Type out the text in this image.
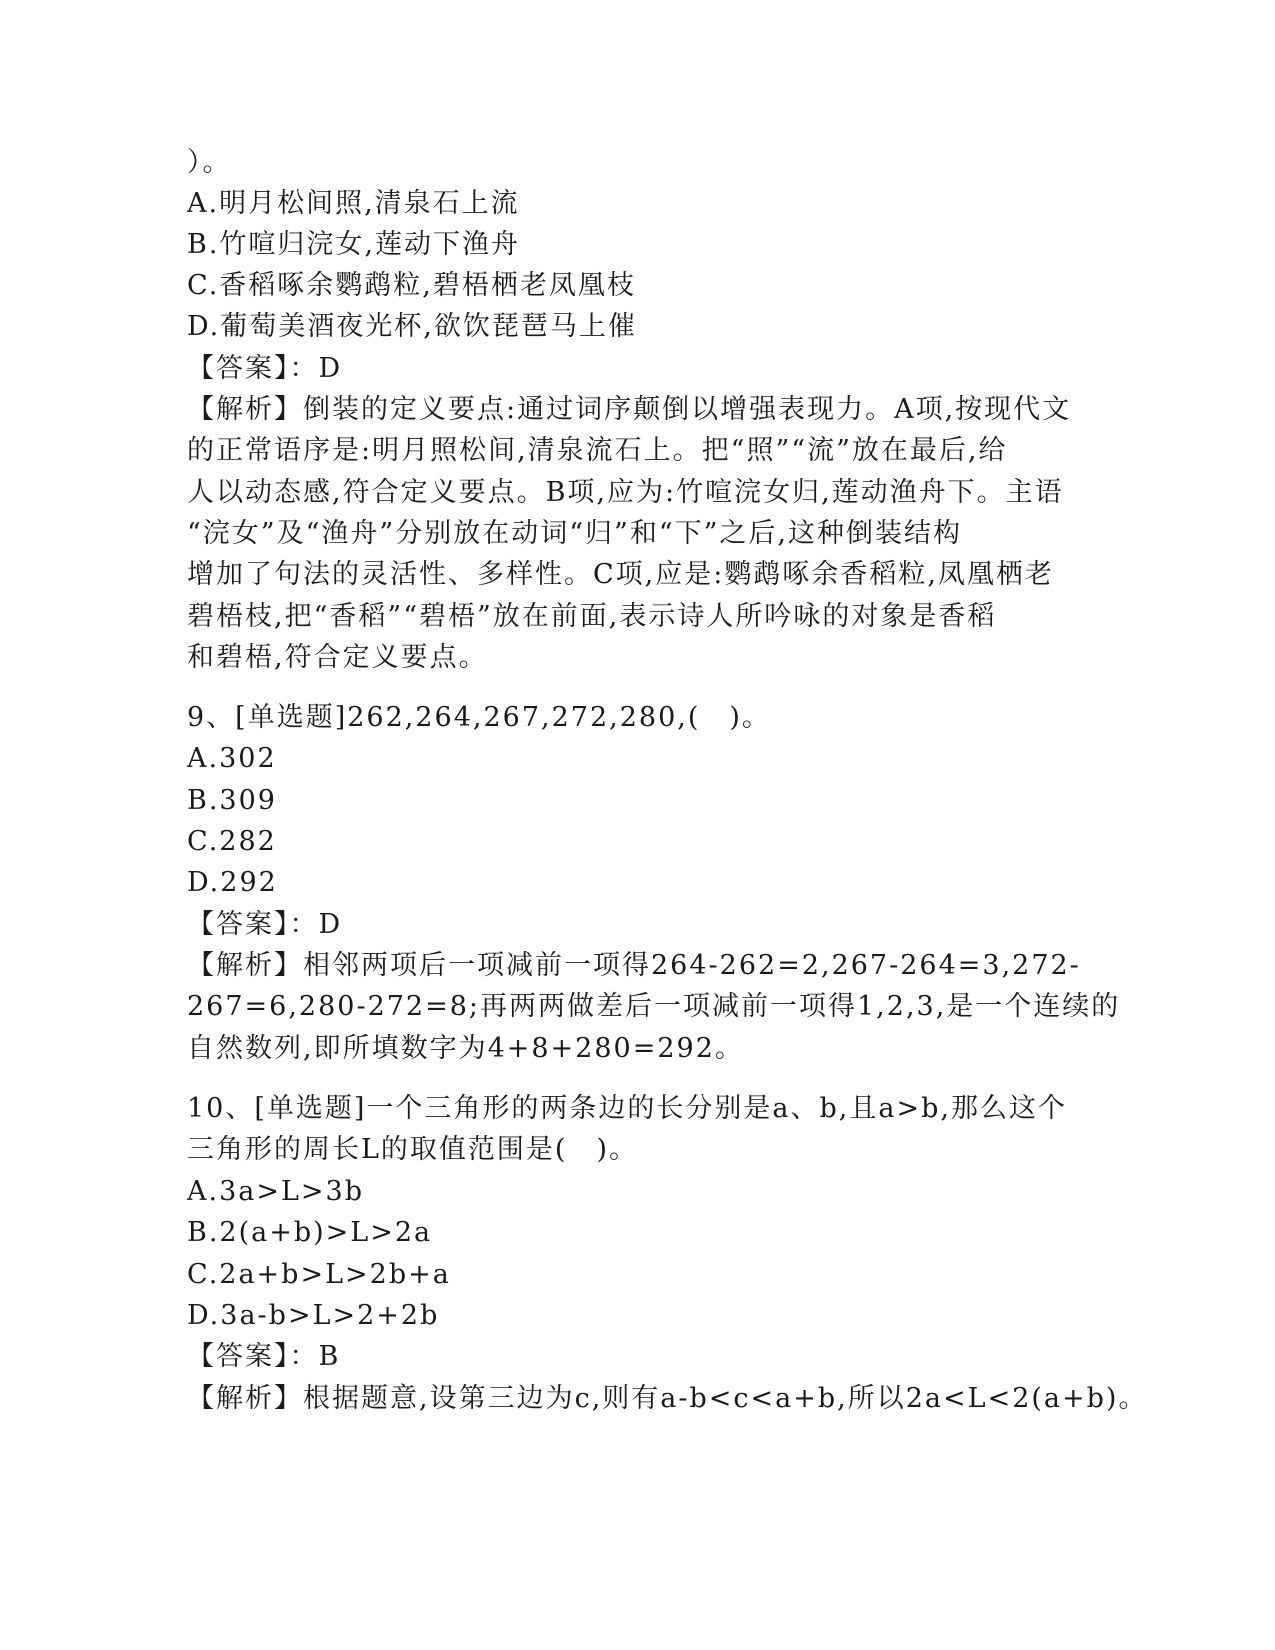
）。
A.明月松间照,清泉石上流
B.竹喧归浣女,莲动下渔舟
C.香稻啄余鹦鹉粒,碧梧栖老凤凰枝
D.葡萄美酒夜光杯,欲饮琵琶马上催
【答案】：D
【解析】倒装的定义要点:通过词序颠倒以增强表现力。A项,按现代文
的正常语序是:明月照松间,清泉流石上。把“照”“流”放在最后,给
人以动态感,符合定义要点。B项,应为:竹喧浣女归,莲动渔舟下。主语
“浣女”及“渔舟”分别放在动词“归”和“下”之后,这种倒装结构
增加了句法的灵活性、多样性。C项,应是:鹦鹉啄余香稻粒,凤凰栖老
碧梧枝,把“香稻”“碧梧”放在前面,表示诗人所吟咏的对象是香稻
和碧梧,符合定义要点。
9、[单选题]262,264,267,272,280,(　)。
A.302
B.309
C.282
D.292
【答案】：D
【解析】相邻两项后一项减前一项得264-262=2,267-264=3,272-
267=6,280-272=8;再两两做差后一项减前一项得1,2,3,是一个连续的
自然数列,即所填数字为4+8+280=292。
10、[单选题]一个三角形的两条边的长分别是a、b,且a>b,那么这个
三角形的周长L的取值范围是(　)。
A.3a>L>3b
B.2(a+b)>L>2a
C.2a+b>L>2b+a
D.3a-b>L>2+2b
【答案】：B
【解析】根据题意,设第三边为c,则有a-b<c<a+b,所以2a<L<2(a+b)。
